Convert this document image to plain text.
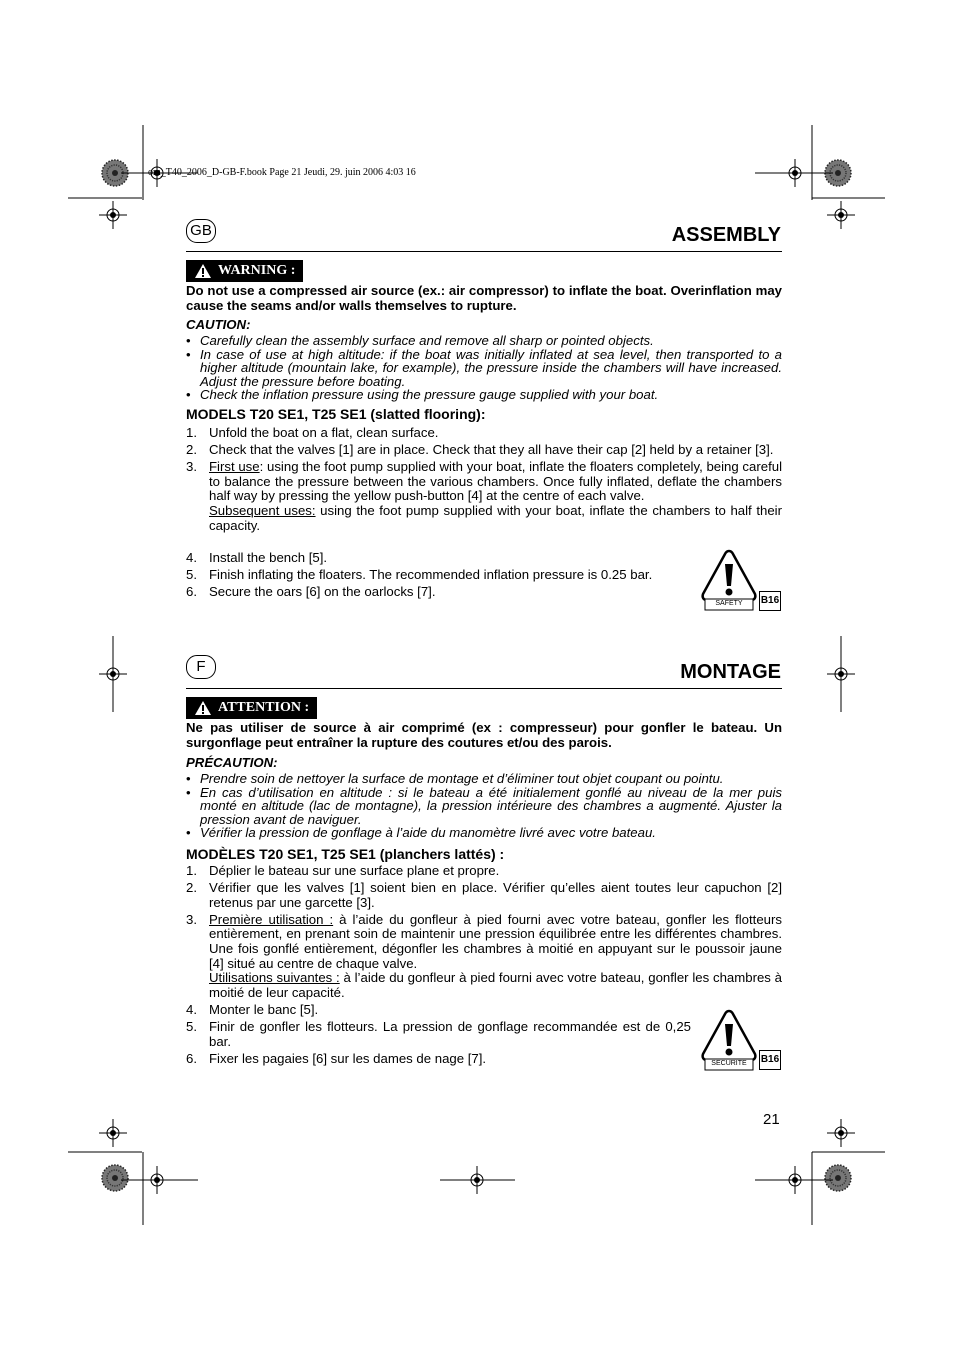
om_T40_2006_D-GB-F.book Page 21 Jeudi, 29. juin 2006 4:03 16
GB	ASSEMBLY
WARNING :
Do not use a compressed air source (ex.: air compressor) to inflate the boat. Overinflation may cause the seams and/or walls themselves to rupture.
CAUTION:
• Carefully clean the assembly surface and remove all sharp or pointed objects.
• In case of use at high altitude: if the boat was initially inflated at sea level, then transported to a higher altitude (mountain lake, for example), the pressure inside the chambers will have increased. Adjust the pressure before boating.
• Check the inflation pressure using the pressure gauge supplied with your boat.
MODELS T20 SE1, T25 SE1 (slatted flooring):
1. Unfold the boat on a flat, clean surface.
2. Check that the valves [1] are in place. Check that they all have their cap [2] held by a retainer [3].
3. First use: using the foot pump supplied with your boat, inflate the floaters completely, being careful to balance the pressure between the various chambers. Once fully inflated, deflate the chambers half way by pressing the yellow push-button [4] at the centre of each valve.
Subsequent uses: using the foot pump supplied with your boat, inflate the chambers to half their capacity.
4. Install the bench [5].
5. Finish inflating the floaters. The recommended inflation pressure is 0.25 bar.
6. Secure the oars [6] on the oarlocks [7].
SAFETY	B16
F	MONTAGE
ATTENTION :
Ne pas utiliser de source à air comprimé (ex : compresseur) pour gonfler le bateau. Un surgonflage peut entraîner la rupture des coutures et/ou des parois.
PRÉCAUTION:
• Prendre soin de nettoyer la surface de montage et d’éliminer tout objet coupant ou pointu.
• En cas d’utilisation en altitude : si le bateau a été initialement gonflé au niveau de la mer puis monté en altitude (lac de montagne), la pression intérieure des chambres a augmenté. Ajuster la pression avant de naviguer.
• Vérifier la pression de gonflage à l’aide du manomètre livré avec votre bateau.
MODÈLES T20 SE1, T25 SE1 (planchers lattés) :
1. Déplier le bateau sur une surface plane et propre.
2. Vérifier que les valves [1] soient bien en place. Vérifier qu’elles aient toutes leur capuchon [2] retenus par une garcette [3].
3. Première utilisation : à l’aide du gonfleur à pied fourni avec votre bateau, gonfler les flotteurs entièrement, en prenant soin de maintenir une pression équilibrée entre les différentes chambres. Une fois gonflé entièrement, dégonfler les chambres à moitié en appuyant sur le poussoir jaune [4] situé au centre de chaque valve.
Utilisations suivantes : à l’aide du gonfleur à pied fourni avec votre bateau, gonfler les chambres à moitié de leur capacité.
4. Monter le banc [5].
5. Finir de gonfler les flotteurs. La pression de gonflage recommandée est de 0,25 bar.
6. Fixer les pagaies [6] sur les dames de nage [7].	SECURITE	B16
21
